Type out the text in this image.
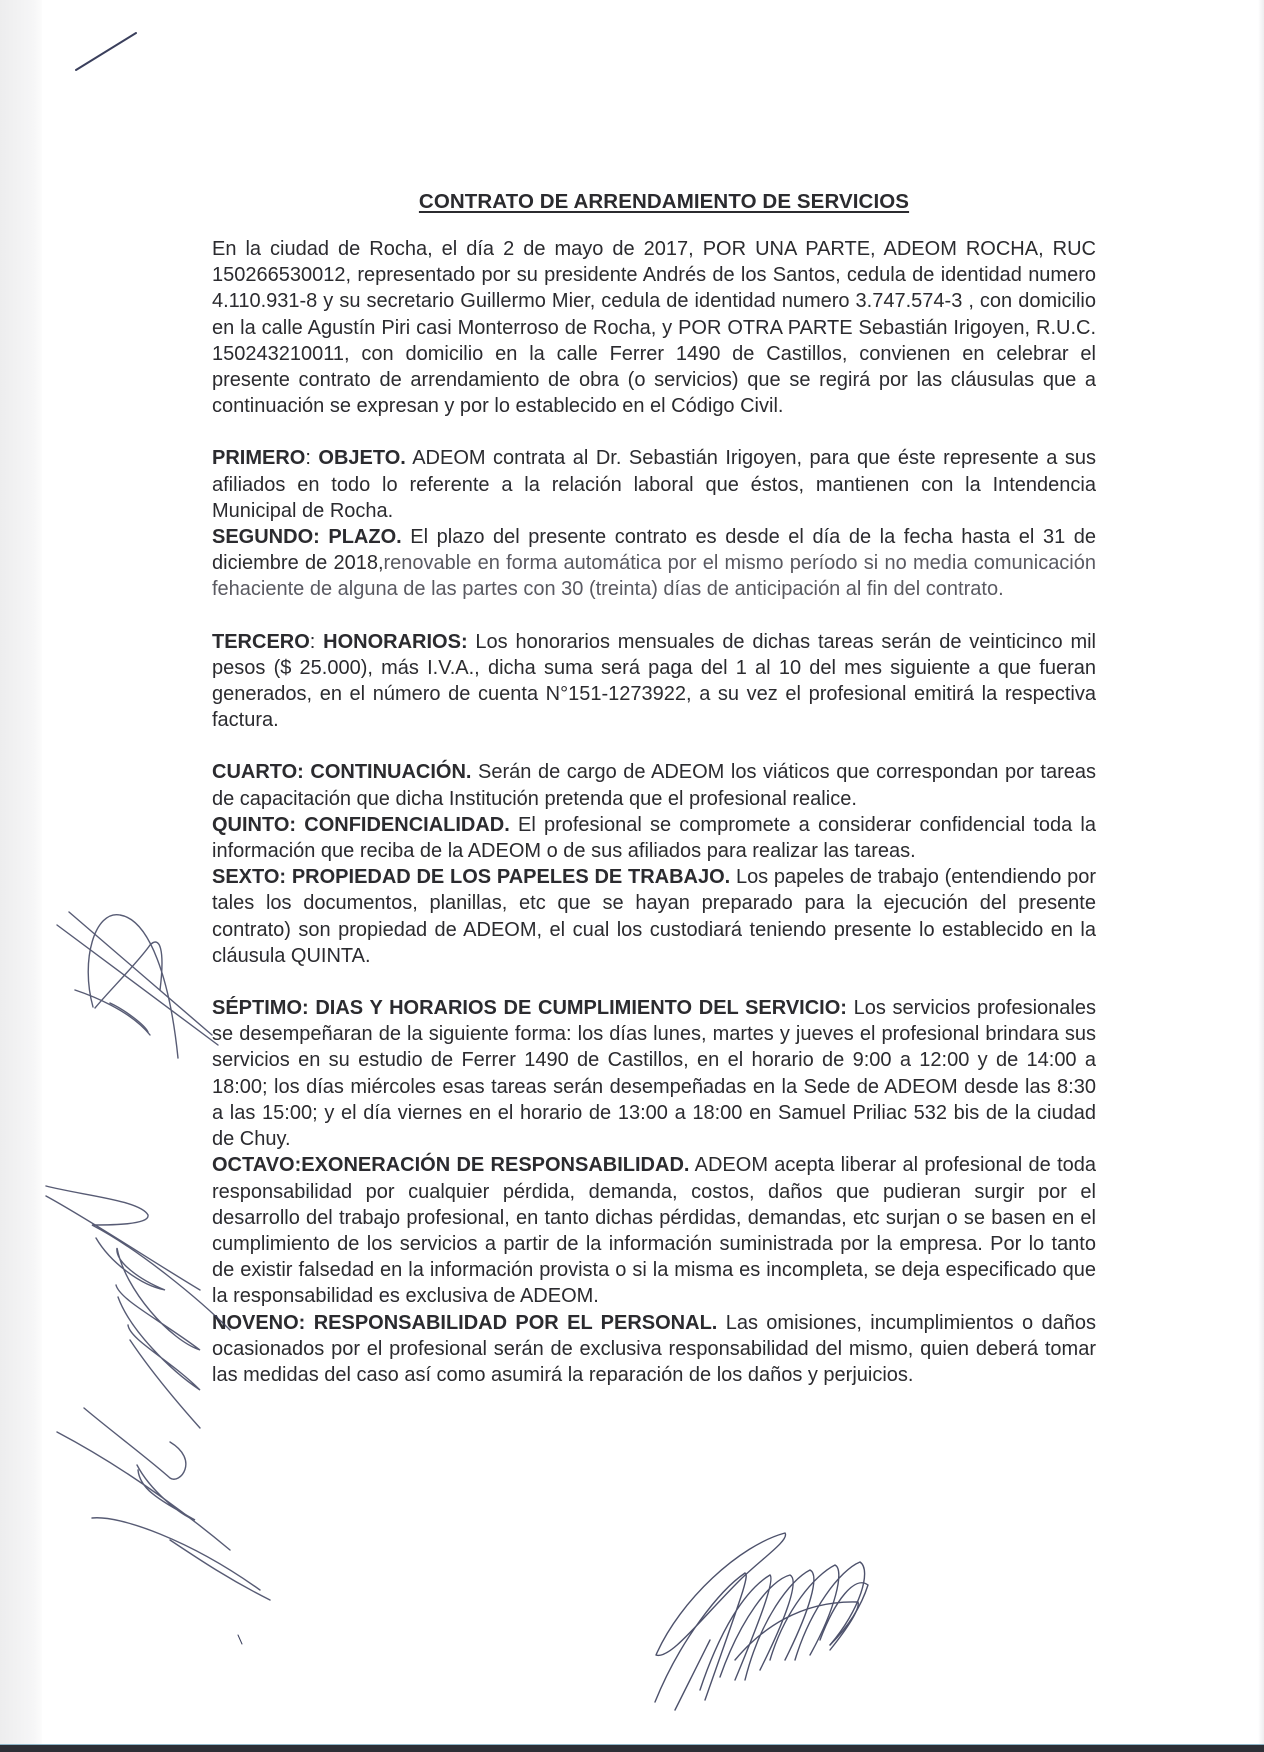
CONTRATO DE ARRENDAMIENTO DE SERVICIOS

En la ciudad de Rocha, el día 2 de mayo de 2017, POR UNA PARTE, ADEOM ROCHA, RUC 150266530012, representado por su presidente Andrés de los Santos, cedula de identidad numero 4.110.931-8 y su secretario Guillermo Mier, cedula de identidad numero 3.747.574-3 , con domicilio en la calle Agustín Piri casi Monterroso de Rocha, y POR OTRA PARTE Sebastián Irigoyen, R.U.C. 150243210011, con domicilio en la calle Ferrer 1490 de Castillos, convienen en celebrar el presente contrato de arrendamiento de obra (o servicios) que se regirá por las cláusulas que a continuación se expresan y por lo establecido en el Código Civil.

PRIMERO: OBJETO. ADEOM contrata al Dr. Sebastián Irigoyen, para que éste represente a sus afiliados en todo lo referente a la relación laboral que éstos, mantienen con la Intendencia Municipal de Rocha.

SEGUNDO: PLAZO. El plazo del presente contrato es desde el día de la fecha hasta el 31 de diciembre de 2018,renovable en forma automática por el mismo período si no media comunicación fehaciente de alguna de las partes con 30 (treinta) días de anticipación al fin del contrato.

TERCERO: HONORARIOS: Los honorarios mensuales de dichas tareas serán de veinticinco mil pesos ($ 25.000), más I.V.A., dicha suma será paga del 1 al 10 del mes siguiente a que fueran generados, en el número de cuenta N°151-1273922, a su vez el profesional emitirá la respectiva factura.

CUARTO: CONTINUACIÓN. Serán de cargo de ADEOM los viáticos que correspondan por tareas de capacitación que dicha Institución pretenda que el profesional realice.

QUINTO: CONFIDENCIALIDAD. El profesional se compromete a considerar confidencial toda la información que reciba de la ADEOM o de sus afiliados para realizar las tareas.

SEXTO: PROPIEDAD DE LOS PAPELES DE TRABAJO. Los papeles de trabajo (entendiendo por tales los documentos, planillas, etc que se hayan preparado para la ejecución del presente contrato) son propiedad de ADEOM, el cual los custodiará teniendo presente lo establecido en la cláusula QUINTA.

SÉPTIMO: DIAS Y HORARIOS DE CUMPLIMIENTO DEL SERVICIO: Los servicios profesionales se desempeñaran de la siguiente forma: los días lunes, martes y jueves el profesional brindara sus servicios en su estudio de Ferrer 1490 de Castillos, en el horario de 9:00 a 12:00 y de 14:00 a 18:00; los días miércoles esas tareas serán desempeñadas en la Sede de ADEOM desde las 8:30 a las 15:00; y el día viernes en el horario de 13:00 a 18:00 en Samuel Priliac 532 bis de la ciudad de Chuy.

OCTAVO:EXONERACIÓN DE RESPONSABILIDAD. ADEOM acepta liberar al profesional de toda responsabilidad por cualquier pérdida, demanda, costos, daños que pudieran surgir por el desarrollo del trabajo profesional, en tanto dichas pérdidas, demandas, etc surjan o se basen en el cumplimiento de los servicios a partir de la información suministrada por la empresa. Por lo tanto de existir falsedad en la información provista o si la misma es incompleta, se deja especificado que la responsabilidad es exclusiva de ADEOM.

NOVENO: RESPONSABILIDAD POR EL PERSONAL. Las omisiones, incumplimientos o daños ocasionados por el profesional serán de exclusiva responsabilidad del mismo, quien deberá tomar las medidas del caso así como asumirá la reparación de los daños y perjuicios.
